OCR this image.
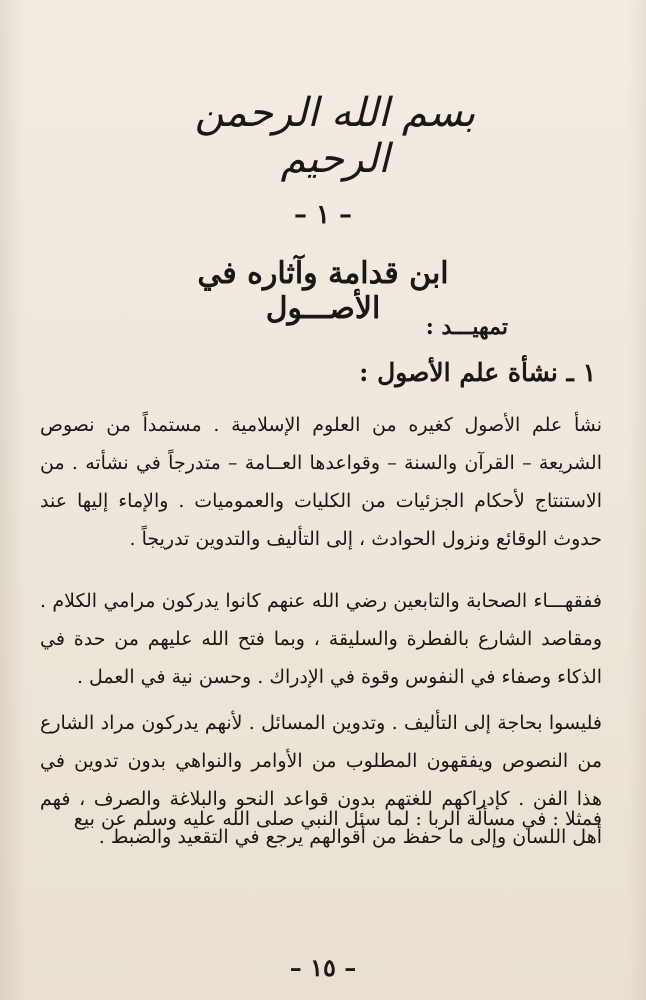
بسم الله الرحمن الرحيم
– ١ –
ابن قدامة وآثاره في الأصـــول
تمهيـــد :
١ ـ نشأة علم الأصول :

نشأ علم الأصول كغيره من العلوم الإسلامية . مستمداً من نصوص الشريعة – القرآن والسنة – وقواعدها العــامة – متدرجاً في نشأته . من الاستنتاج لأحكام الجزئيات من الكليات والعموميات . والإماء إليها عند حدوث الوقائع ونزول الحوادث ، إلى التأليف والتدوين تدريجاً .

ففقهـــاء الصحابة والتابعين رضي الله عنهم كانوا يدركون مرامي الكلام . ومقاصد الشارع بالفطرة والسليقة ، وبما فتح الله عليهم من حدة في الذكاء وصفاء في النفوس وقوة في الإدراك . وحسن نية في العمل .

فليسوا بحاجة إلى التأليف . وتدوين المسائل . لأنهم يدركون مراد الشارع من النصوص ويفقهون المطلوب من الأوامر والنواهي بدون تدوين في هذا الفن . كإدراكهم للغتهم بدون قواعد النحو والبلاغة والصرف ، فهم أهل اللسان وإلى ما حفظ من أقوالهم يرجع في التقعيد والضبط .

فمثلا : في مسألة الربا : لما سئل النبي صلى الله عليه وسلم عن بيع

– ١٥ –
